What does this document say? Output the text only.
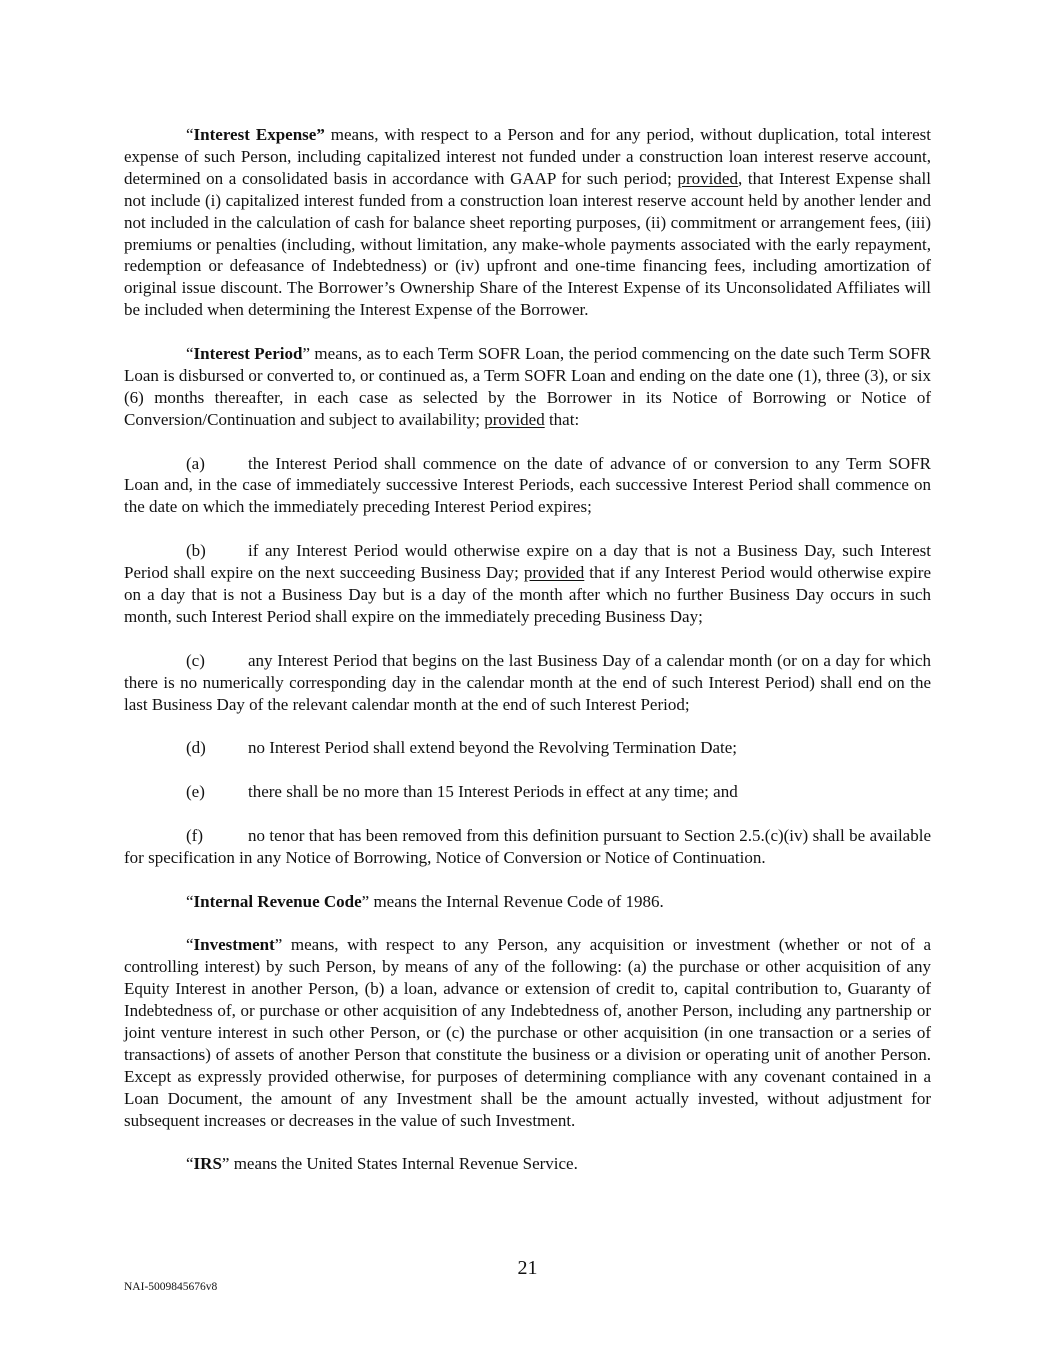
“Interest Expense” means, with respect to a Person and for any period, without duplication, total interest expense of such Person, including capitalized interest not funded under a construction loan interest reserve account, determined on a consolidated basis in accordance with GAAP for such period; provided, that Interest Expense shall not include (i) capitalized interest funded from a construction loan interest reserve account held by another lender and not included in the calculation of cash for balance sheet reporting purposes, (ii) commitment or arrangement fees, (iii) premiums or penalties (including, without limitation, any make-whole payments associated with the early repayment, redemption or defeasance of Indebtedness) or (iv) upfront and one-time financing fees, including amortization of original issue discount. The Borrower’s Ownership Share of the Interest Expense of its Unconsolidated Affiliates will be included when determining the Interest Expense of the Borrower.

“Interest Period” means, as to each Term SOFR Loan, the period commencing on the date such Term SOFR Loan is disbursed or converted to, or continued as, a Term SOFR Loan and ending on the date one (1), three (3), or six (6) months thereafter, in each case as selected by the Borrower in its Notice of Borrowing or Notice of Conversion/Continuation and subject to availability; provided that:

(a)	the Interest Period shall commence on the date of advance of or conversion to any Term SOFR Loan and, in the case of immediately successive Interest Periods, each successive Interest Period shall commence on the date on which the immediately preceding Interest Period expires;

(b) if any Interest Period would otherwise expire on a day that is not a Business Day, such Interest Period shall expire on the next succeeding Business Day; provided that if any Interest Period would otherwise expire on a day that is not a Business Day but is a day of the month after which no further Business Day occurs in such month, such Interest Period shall expire on the immediately preceding Business Day;

(c)	any Interest Period that begins on the last Business Day of a calendar month (or on a day for which there is no numerically corresponding day in the calendar month at the end of such Interest Period) shall end on the last Business Day of the relevant calendar month at the end of such Interest Period;

(d) no Interest Period shall extend beyond the Revolving Termination Date;

(e)	there shall be no more than 15 Interest Periods in effect at any time; and

(f)	no tenor that has been removed from this definition pursuant to Section 2.5.(c)(iv) shall be available for specification in any Notice of Borrowing, Notice of Conversion or Notice of Continuation.

“Internal Revenue Code” means the Internal Revenue Code of 1986.

“Investment” means, with respect to any Person, any acquisition or investment (whether or not of a controlling interest) by such Person, by means of any of the following: (a) the purchase or other acquisition of any Equity Interest in another Person, (b) a loan, advance or extension of credit to, capital contribution to, Guaranty of Indebtedness of, or purchase or other acquisition of any Indebtedness of, another Person, including any partnership or joint venture interest in such other Person, or (c) the purchase or other acquisition (in one transaction or a series of transactions) of assets of another Person that constitute the business or a division or operating unit of another Person. Except as expressly provided otherwise, for purposes of determining compliance with any covenant contained in a Loan Document, the amount of any Investment shall be the amount actually invested, without adjustment for subsequent increases or decreases in the value of such Investment.

“IRS” means the United States Internal Revenue Service.

21
NAI-5009845676v8
